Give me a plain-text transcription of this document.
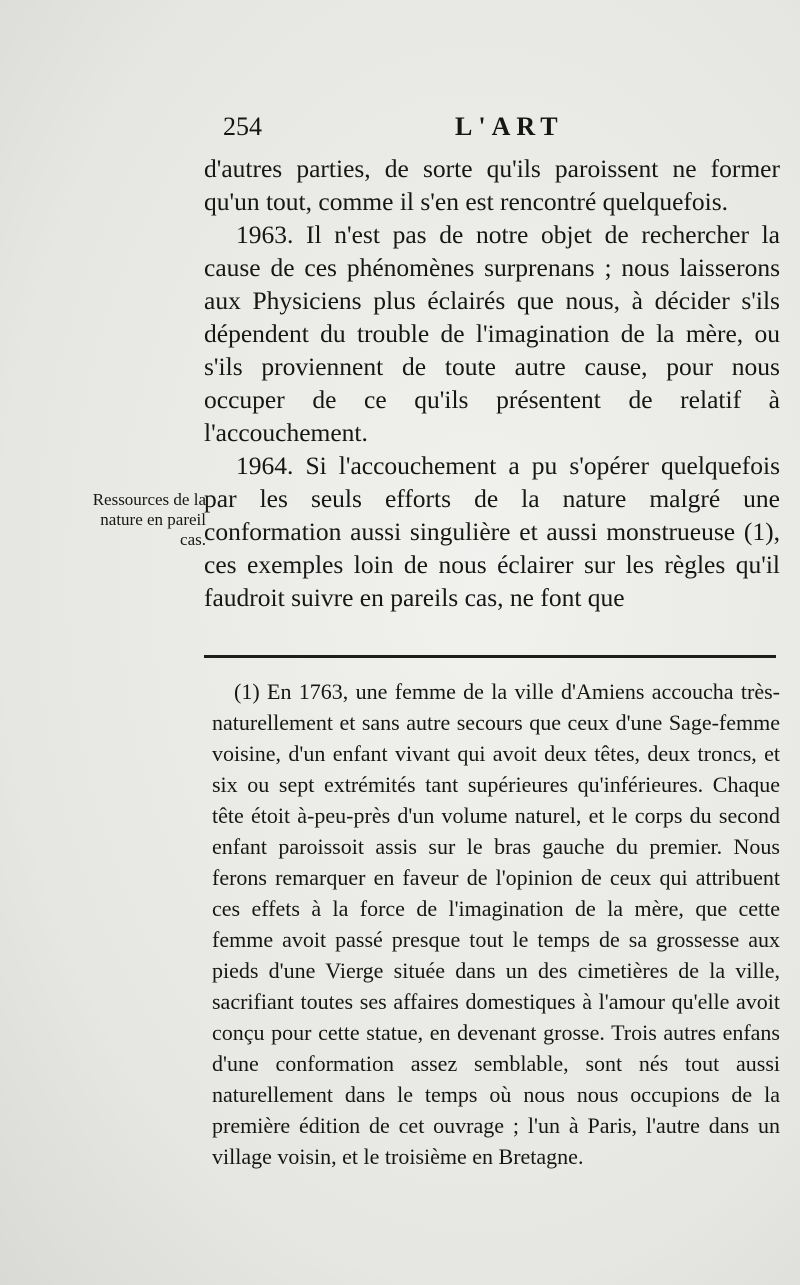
254	L'ART

d'autres parties, de sorte qu'ils paroissent ne former qu'un tout, comme il s'en est rencontré quelquefois.

1963. Il n'est pas de notre objet de rechercher la cause de ces phénomènes surprenans ; nous laisserons aux Physiciens plus éclairés que nous, à décider s'ils dépendent du trouble de l'imagination de la mère, ou s'ils proviennent de toute autre cause, pour nous occuper de ce qu'ils présentent de relatif à l'accouchement.

1964. Si l'accouchement a pu s'opérer quelquefois par les seuls efforts de la nature malgré une conformation aussi singulière et aussi monstrueuse (1), ces exemples loin de nous éclairer sur les règles qu'il faudroit suivre en pareils cas, ne font que

Ressources de la nature en pareil cas.

(1) En 1763, une femme de la ville d'Amiens accoucha très-naturellement et sans autre secours que ceux d'une Sage-femme voisine, d'un enfant vivant qui avoit deux têtes, deux troncs, et six ou sept extrémités tant supérieures qu'inférieures. Chaque tête étoit à-peu-près d'un volume naturel, et le corps du second enfant paroissoit assis sur le bras gauche du premier. Nous ferons remarquer en faveur de l'opinion de ceux qui attribuent ces effets à la force de l'imagination de la mère, que cette femme avoit passé presque tout le temps de sa grossesse aux pieds d'une Vierge située dans un des cimetières de la ville, sacrifiant toutes ses affaires domestiques à l'amour qu'elle avoit conçu pour cette statue, en devenant grosse. Trois autres enfans d'une conformation assez semblable, sont nés tout aussi naturellement dans le temps où nous nous occupions de la première édition de cet ouvrage ; l'un à Paris, l'autre dans un village voisin, et le troisième en Bretagne.
